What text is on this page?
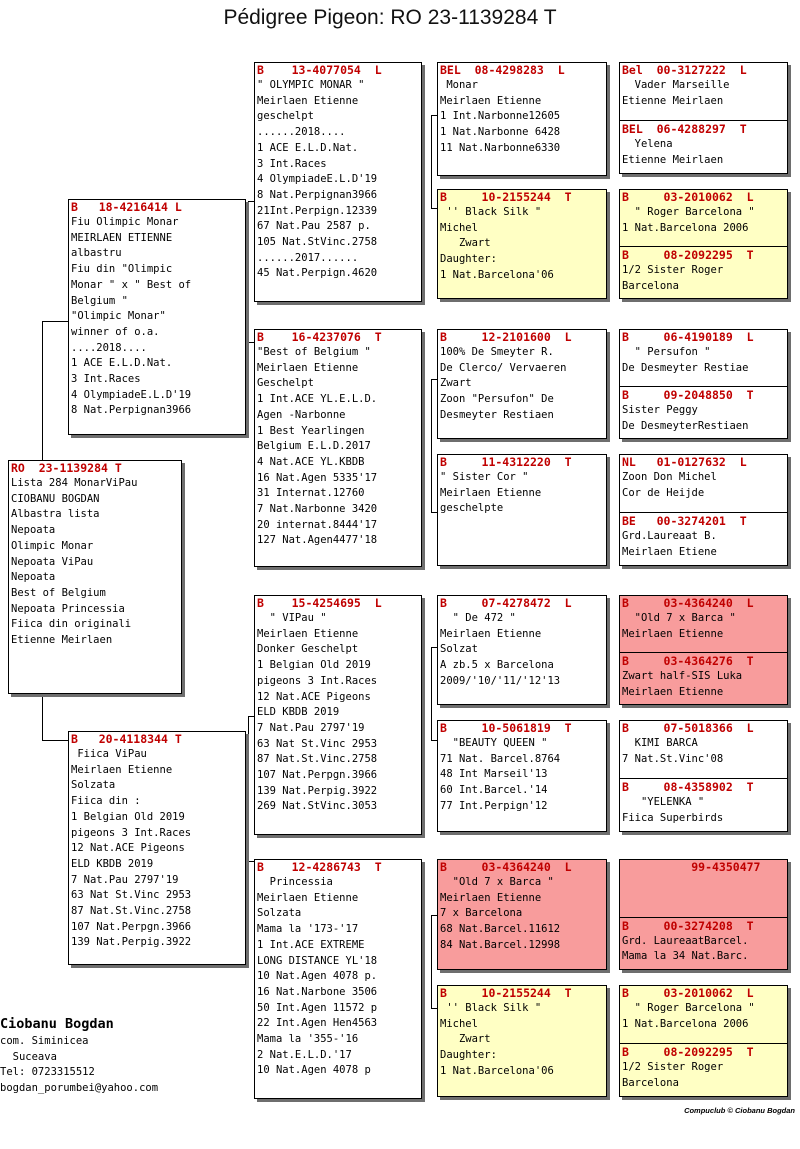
Pédigree Pigeon: RO 23-1139284 T
RO  23-1139284 T
Lista 284 MonarViPau
CIOBANU BOGDAN
Albastra lista
Nepoata
Olimpic Monar
Nepoata ViPau
Nepoata
Best of Belgium
Nepoata Princessia
Fiica din originali
Etienne Meirlaen
B   18-4216414 L
Fiu Olimpic Monar
MEIRLAEN ETIENNE
albastru
Fiu din "Olimpic
Monar " x " Best of
Belgium "
"Olimpic Monar"
winner of o.a.
....2018....
1 ACE E.L.D.Nat.
3 Int.Races
4 OlympiadeE.L.D'19
8 Nat.Perpignan3966
B   20-4118344 T
Fiica ViPau
Meirlaen Etienne
Solzata
Fiica din :
1 Belgian Old 2019
pigeons 3 Int.Races
12 Nat.ACE Pigeons
ELD KBDB 2019
7 Nat.Pau 2797'19
63 Nat St.Vinc 2953
87 Nat.St.Vinc.2758
107 Nat.Perpgn.3966
139 Nat.Perpig.3922
B    13-4077054  L
" OLYMPIC MONAR "
Meirlaen Etienne
geschelpt
......2018....
1 ACE E.L.D.Nat.
3 Int.Races
4 OlympiadeE.L.D'19
8 Nat.Perpignan3966
21Int.Perpign.12339
67 Nat.Pau 2587 p.
105 Nat.StVinc.2758
......2017......
45 Nat.Perpign.4620
B    16-4237076  T
"Best of Belgium "
Meirlaen Etienne
Geschelpt
1 Int.ACE YL.E.L.D.
Agen -Narbonne
1 Best Yearlingen
Belgium E.L.D.2017
4 Nat.ACE YL.KBDB
16 Nat.Agen 5335'17
31 Internat.12760
7 Nat.Narbonne 3420
20 internat.8444'17
127 Nat.Agen4477'18
B    15-4254695  L
" VIPau "
Meirlaen Etienne
Donker Geschelpt
1 Belgian Old 2019
pigeons 3 Int.Races
12 Nat.ACE Pigeons
ELD KBDB 2019
7 Nat.Pau 2797'19
63 Nat St.Vinc 2953
87 Nat.St.Vinc.2758
107 Nat.Perpgn.3966
139 Nat.Perpig.3922
269 Nat.StVinc.3053
B    12-4286743  T
Princessia
Meirlaen Etienne
Solzata
Mama la '173-'17
1 Int.ACE EXTREME
LONG DISTANCE YL'18
10 Nat.Agen 4078 p.
16 Nat.Narbone 3506
50 Int.Agen 11572 p
22 Int.Agen Hen4563
Mama la '355-'16
2 Nat.E.L.D.'17
10 Nat.Agen 4078 p
BEL  08-4298283  L
Monar
Meirlaen Etienne
1 Int.Narbonne12605
1 Nat.Narbonne 6428
11 Nat.Narbonne6330
B     10-2155244  T
'' Black Silk "
Michel
Zwart
Daughter:
1 Nat.Barcelona'06
B     12-2101600  L
100% De Smeyter R.
De Clerco/ Vervaeren
Zwart
Zoon "Persufon" De
Desmeyter Restiaen
B     11-4312220  T
" Sister Cor "
Meirlaen Etienne
geschelpte
B     07-4278472  L
" De 472 "
Meirlaen Etienne
Solzat
A zb.5 x Barcelona
2009/'10/'11/'12'13
B     10-5061819  T
"BEAUTY QUEEN "
71 Nat. Barcel.8764
48 Int Marseil'13
60 Int.Barcel.'14
77 Int.Perpign'12
B     03-4364240  L
"Old 7 x Barca "
Meirlaen Etienne
7 x Barcelona
68 Nat.Barcel.11612
84 Nat.Barcel.12998
B     10-2155244  T
'' Black Silk "
Michel
Zwart
Daughter:
1 Nat.Barcelona'06
Bel  00-3127222  L
Vader Marseille
Etienne Meirlaen
BEL  06-4288297  T
Yelena
Etienne Meirlaen
B     03-2010062  L
" Roger Barcelona "
1 Nat.Barcelona 2006
B     08-2092295  T
1/2 Sister Roger
Barcelona
B     06-4190189  L
" Persufon "
De Desmeyter Restiae
B     09-2048850  T
Sister Peggy
De DesmeyterRestiaen
NL   01-0127632  L
Zoon Don Michel
Cor de Heijde
BE   00-3274201  T
Grd.Laureaat B.
Meirlaen Etiene
B     03-4364240  L
"Old 7 x Barca "
Meirlaen Etienne
B     03-4364276  T
Zwart half-SIS Luka
Meirlaen Etienne
B     07-5018366  L
KIMI BARCA
7 Nat.St.Vinc'08
B     08-4358902  T
"YELENKA "
Fiica Superbirds
99-4350477
B     00-3274208  T
Grd. LaureaatBarcel.
Mama la 34 Nat.Barc.
B     03-2010062  L
" Roger Barcelona "
1 Nat.Barcelona 2006
B     08-2092295  T
1/2 Sister Roger
Barcelona
Ciobanu Bogdan
com. Siminicea
Suceava
Tel: 0723315512
bogdan_porumbei@yahoo.com
Compuclub © Ciobanu Bogdan
